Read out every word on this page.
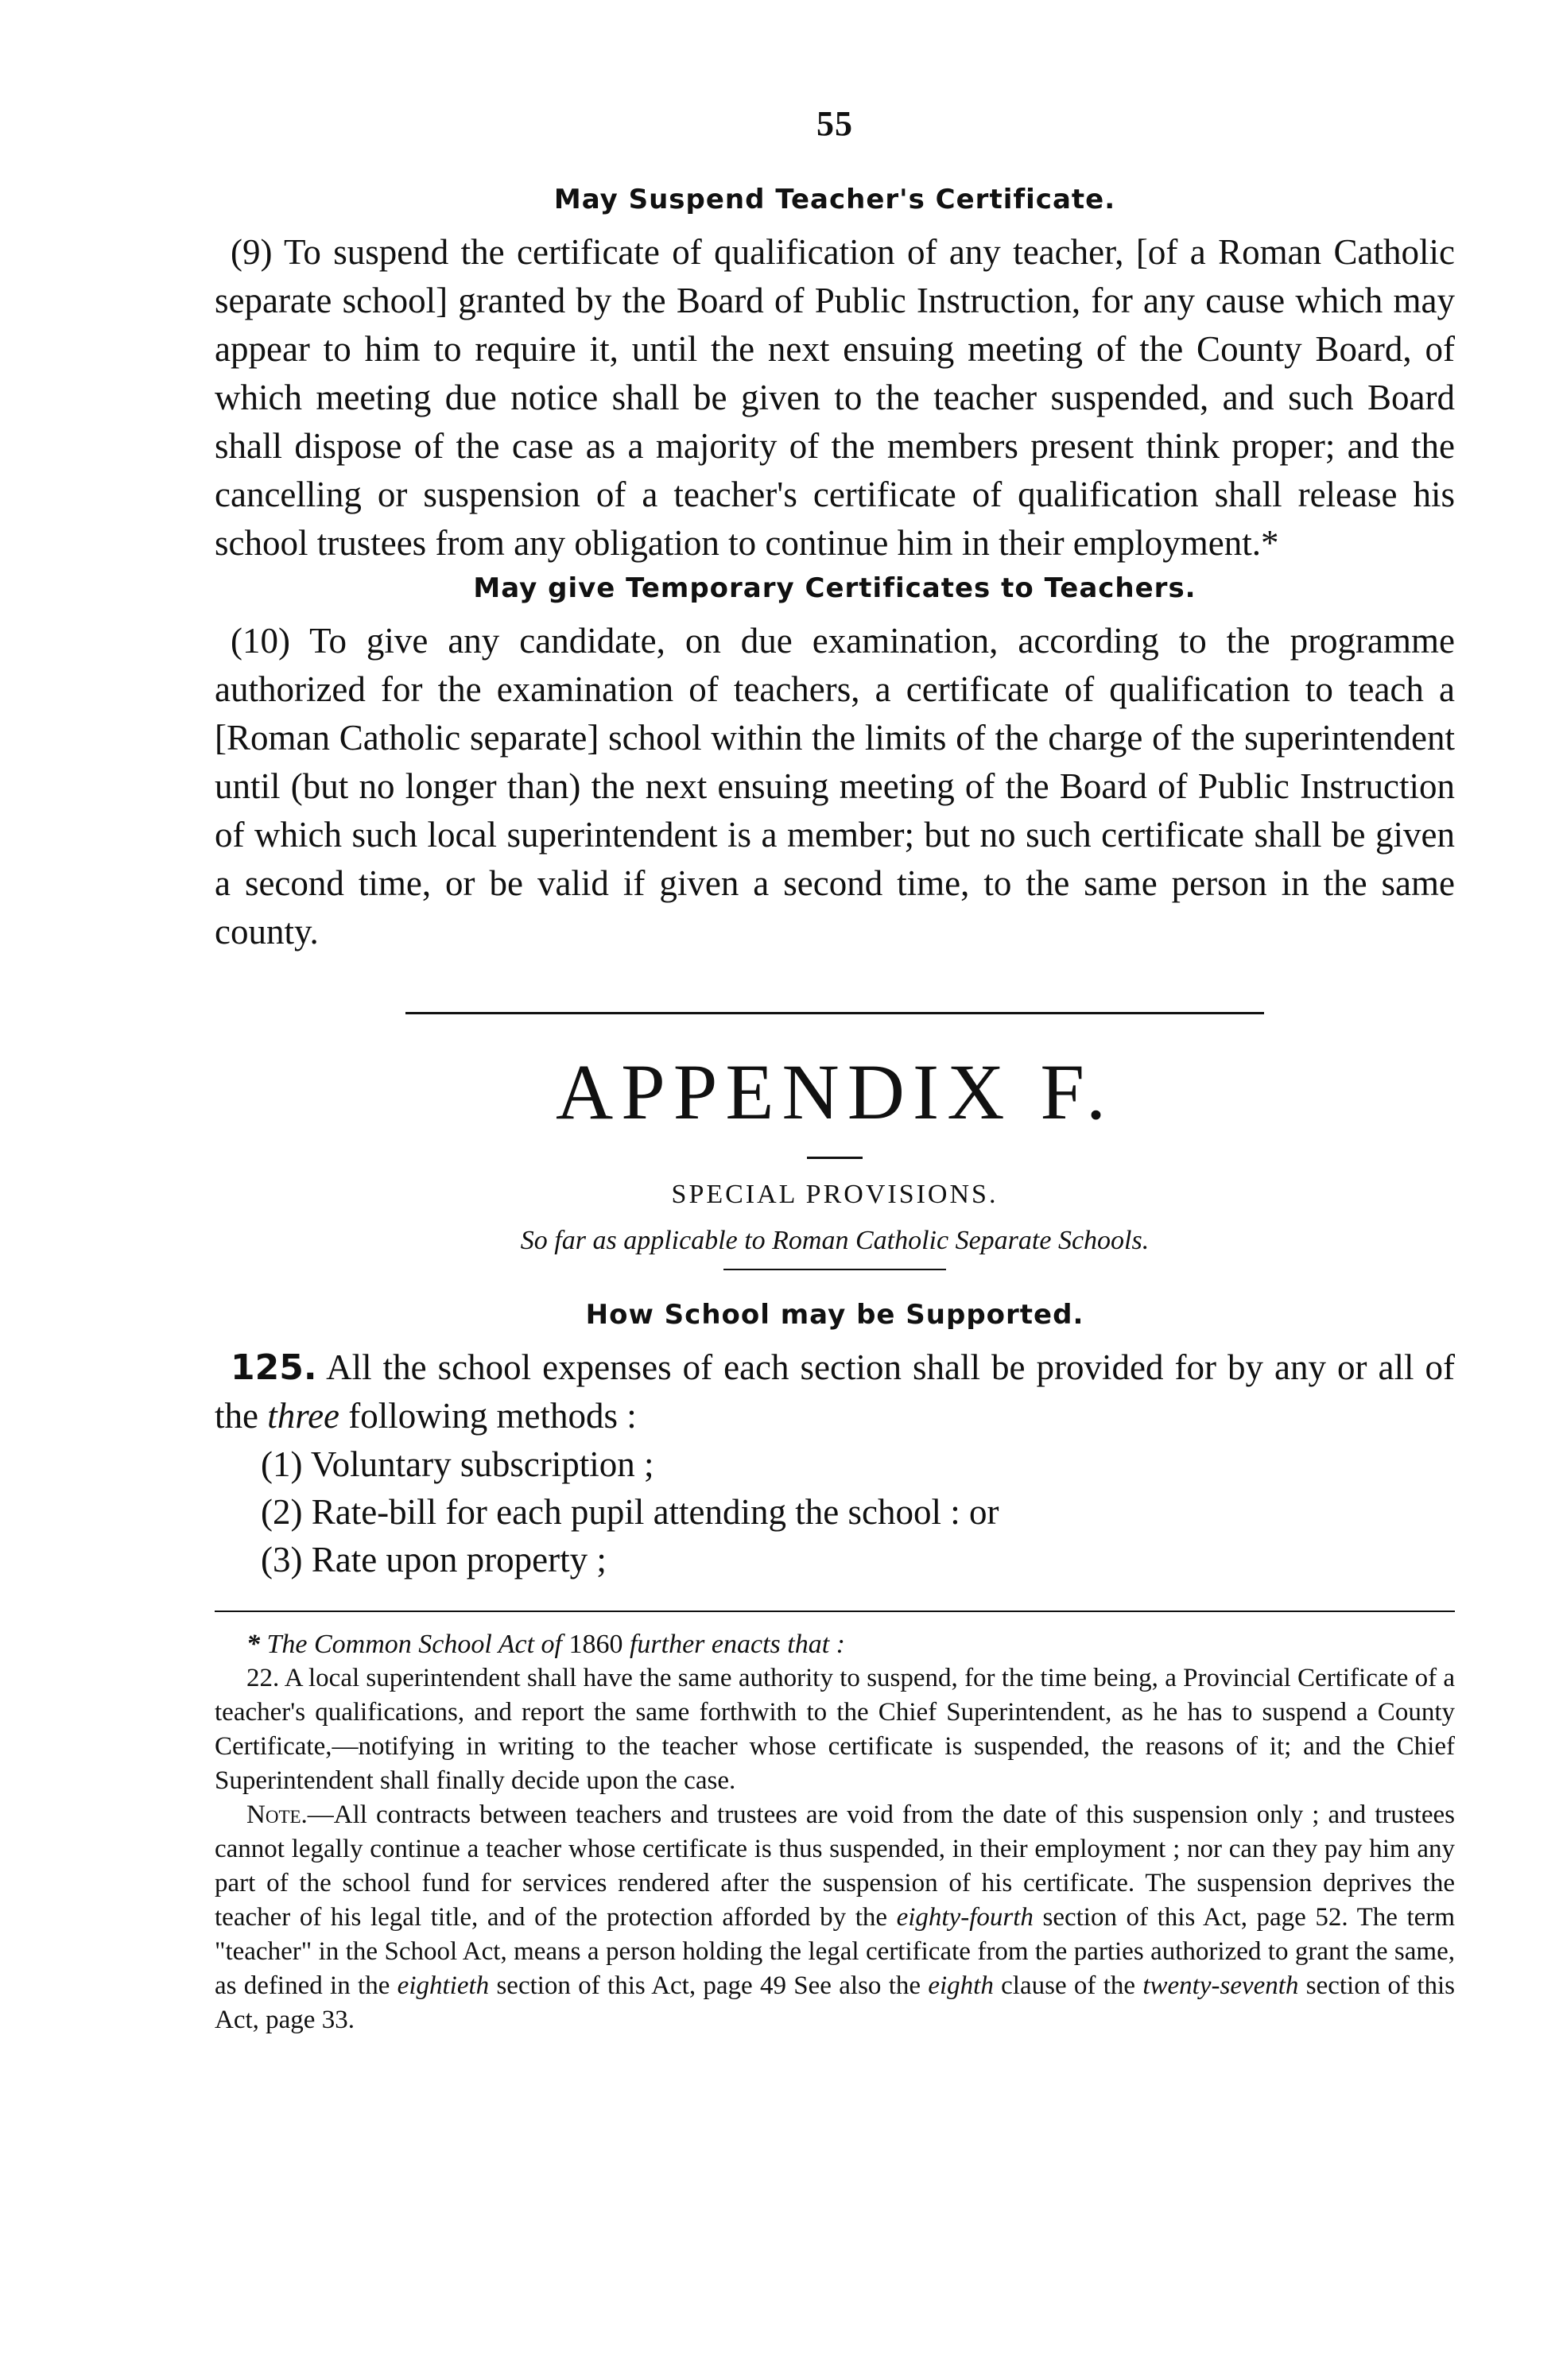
55
May Suspend Teacher's Certificate.

(9) To suspend the certificate of qualification of any teacher, [of a Roman Catholic separate school] granted by the Board of Public Instruction, for any cause which may appear to him to require it, until the next ensuing meeting of the County Board, of which meeting due notice shall be given to the teacher suspended, and such Board shall dispose of the case as a majority of the members present think proper; and the cancelling or suspension of a teacher's certificate of qualification shall release his school trustees from any obligation to continue him in their employment.*

May give Temporary Certificates to Teachers.

(10) To give any candidate, on due examination, according to the programme authorized for the examination of teachers, a certificate of qualification to teach a [Roman Catholic separate] school within the limits of the charge of the superintendent until (but no longer than) the next ensuing meeting of the Board of Public Instruction of which such local superintendent is a member; but no such certificate shall be given a second time, or be valid if given a second time, to the same person in the same county.

APPENDIX F.
SPECIAL PROVISIONS.
So far as applicable to Roman Catholic Separate Schools.
How School may be Supported.

125. All the school expenses of each section shall be provided for by any or all of the three following methods :

(1) Voluntary subscription ;

(2) Rate-bill for each pupil attending the school : or

(3) Rate upon property ;

* The Common School Act of 1860 further enacts that :

22. A local superintendent shall have the same authority to suspend, for the time being, a Provincial Certificate of a teacher's qualifications, and report the same forthwith to the Chief Superintendent, as he has to suspend a County Certificate,—notifying in writing to the teacher whose certificate is suspended, the reasons of it; and the Chief Superintendent shall finally decide upon the case.

Note.—All contracts between teachers and trustees are void from the date of this suspension only ; and trustees cannot legally continue a teacher whose certificate is thus suspended, in their employment ; nor can they pay him any part of the school fund for services rendered after the suspension of his certificate. The suspension deprives the teacher of his legal title, and of the protection afforded by the eighty-fourth section of this Act, page 52. The term "teacher" in the School Act, means a person holding the legal certificate from the parties authorized to grant the same, as defined in the eightieth section of this Act, page 49 See also the eighth clause of the twenty-seventh section of this Act, page 33.
